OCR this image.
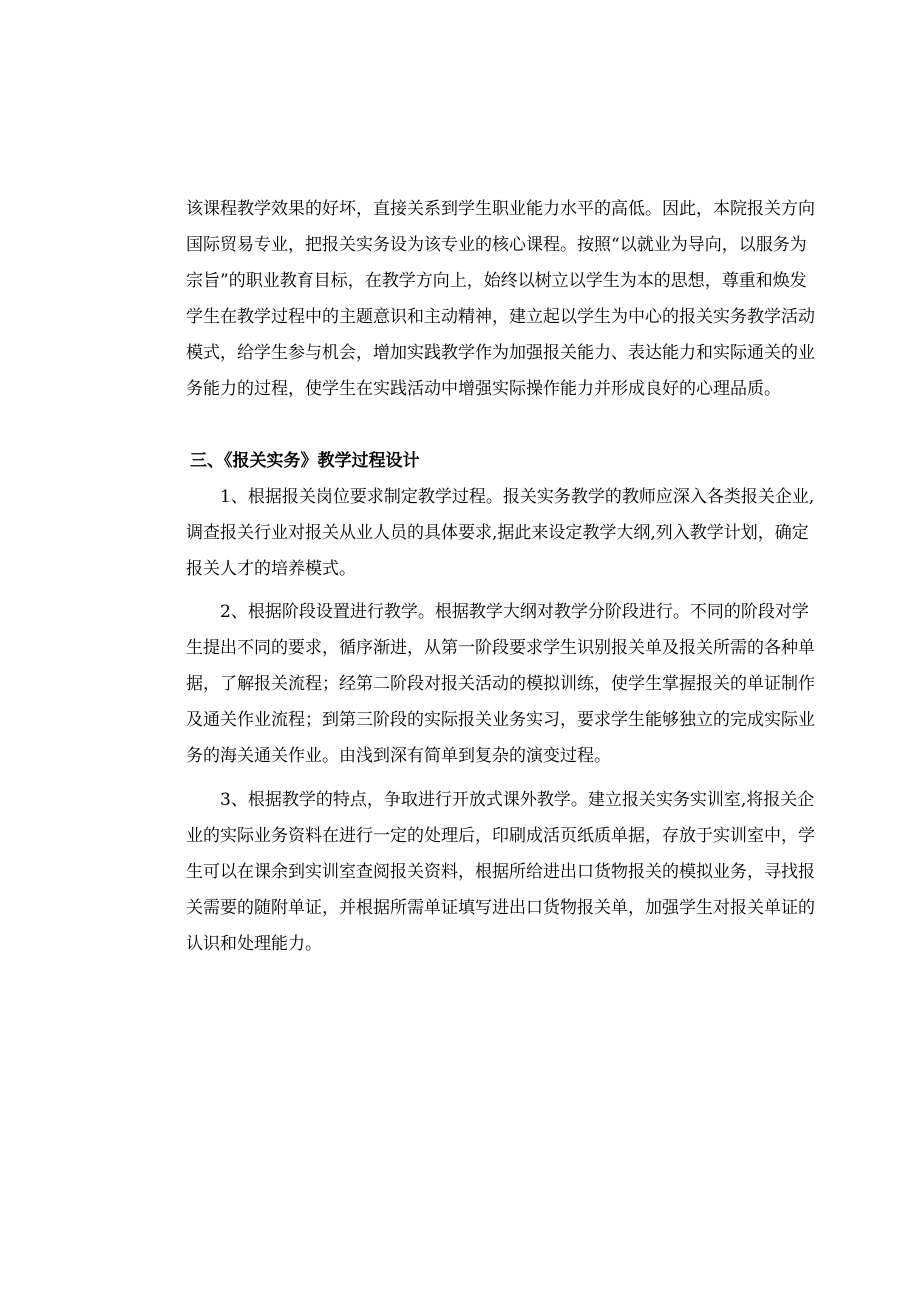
该课程教学效果的好坏，直接关系到学生职业能力水平的高低。因此，本院报关方向
国际贸易专业，把报关实务设为该专业的核心课程。按照“以就业为导向，以服务为
宗旨”的职业教育目标，在教学方向上，始终以树立以学生为本的思想，尊重和焕发
学生在教学过程中的主题意识和主动精神，建立起以学生为中心的报关实务教学活动
模式，给学生参与机会，增加实践教学作为加强报关能力、表达能力和实际通关的业
务能力的过程，使学生在实践活动中增强实际操作能力并形成良好的心理品质。
三、《报关实务》教学过程设计
1、根据报关岗位要求制定教学过程。报关实务教学的教师应深入各类报关企业,
调查报关行业对报关从业人员的具体要求,据此来设定教学大纲,列入教学计划，确定
报关人才的培养模式。
2、根据阶段设置进行教学。根据教学大纲对教学分阶段进行。不同的阶段对学
生提出不同的要求，循序渐进，从第一阶段要求学生识别报关单及报关所需的各种单
据，了解报关流程；经第二阶段对报关活动的模拟训练，使学生掌握报关的单证制作
及通关作业流程；到第三阶段的实际报关业务实习，要求学生能够独立的完成实际业
务的海关通关作业。由浅到深有简单到复杂的演变过程。
3、根据教学的特点，争取进行开放式课外教学。建立报关实务实训室,将报关企
业的实际业务资料在进行一定的处理后，印刷成活页纸质单据，存放于实训室中，学
生可以在课余到实训室查阅报关资料，根据所给进出口货物报关的模拟业务，寻找报
关需要的随附单证，并根据所需单证填写进出口货物报关单，加强学生对报关单证的
认识和处理能力。
